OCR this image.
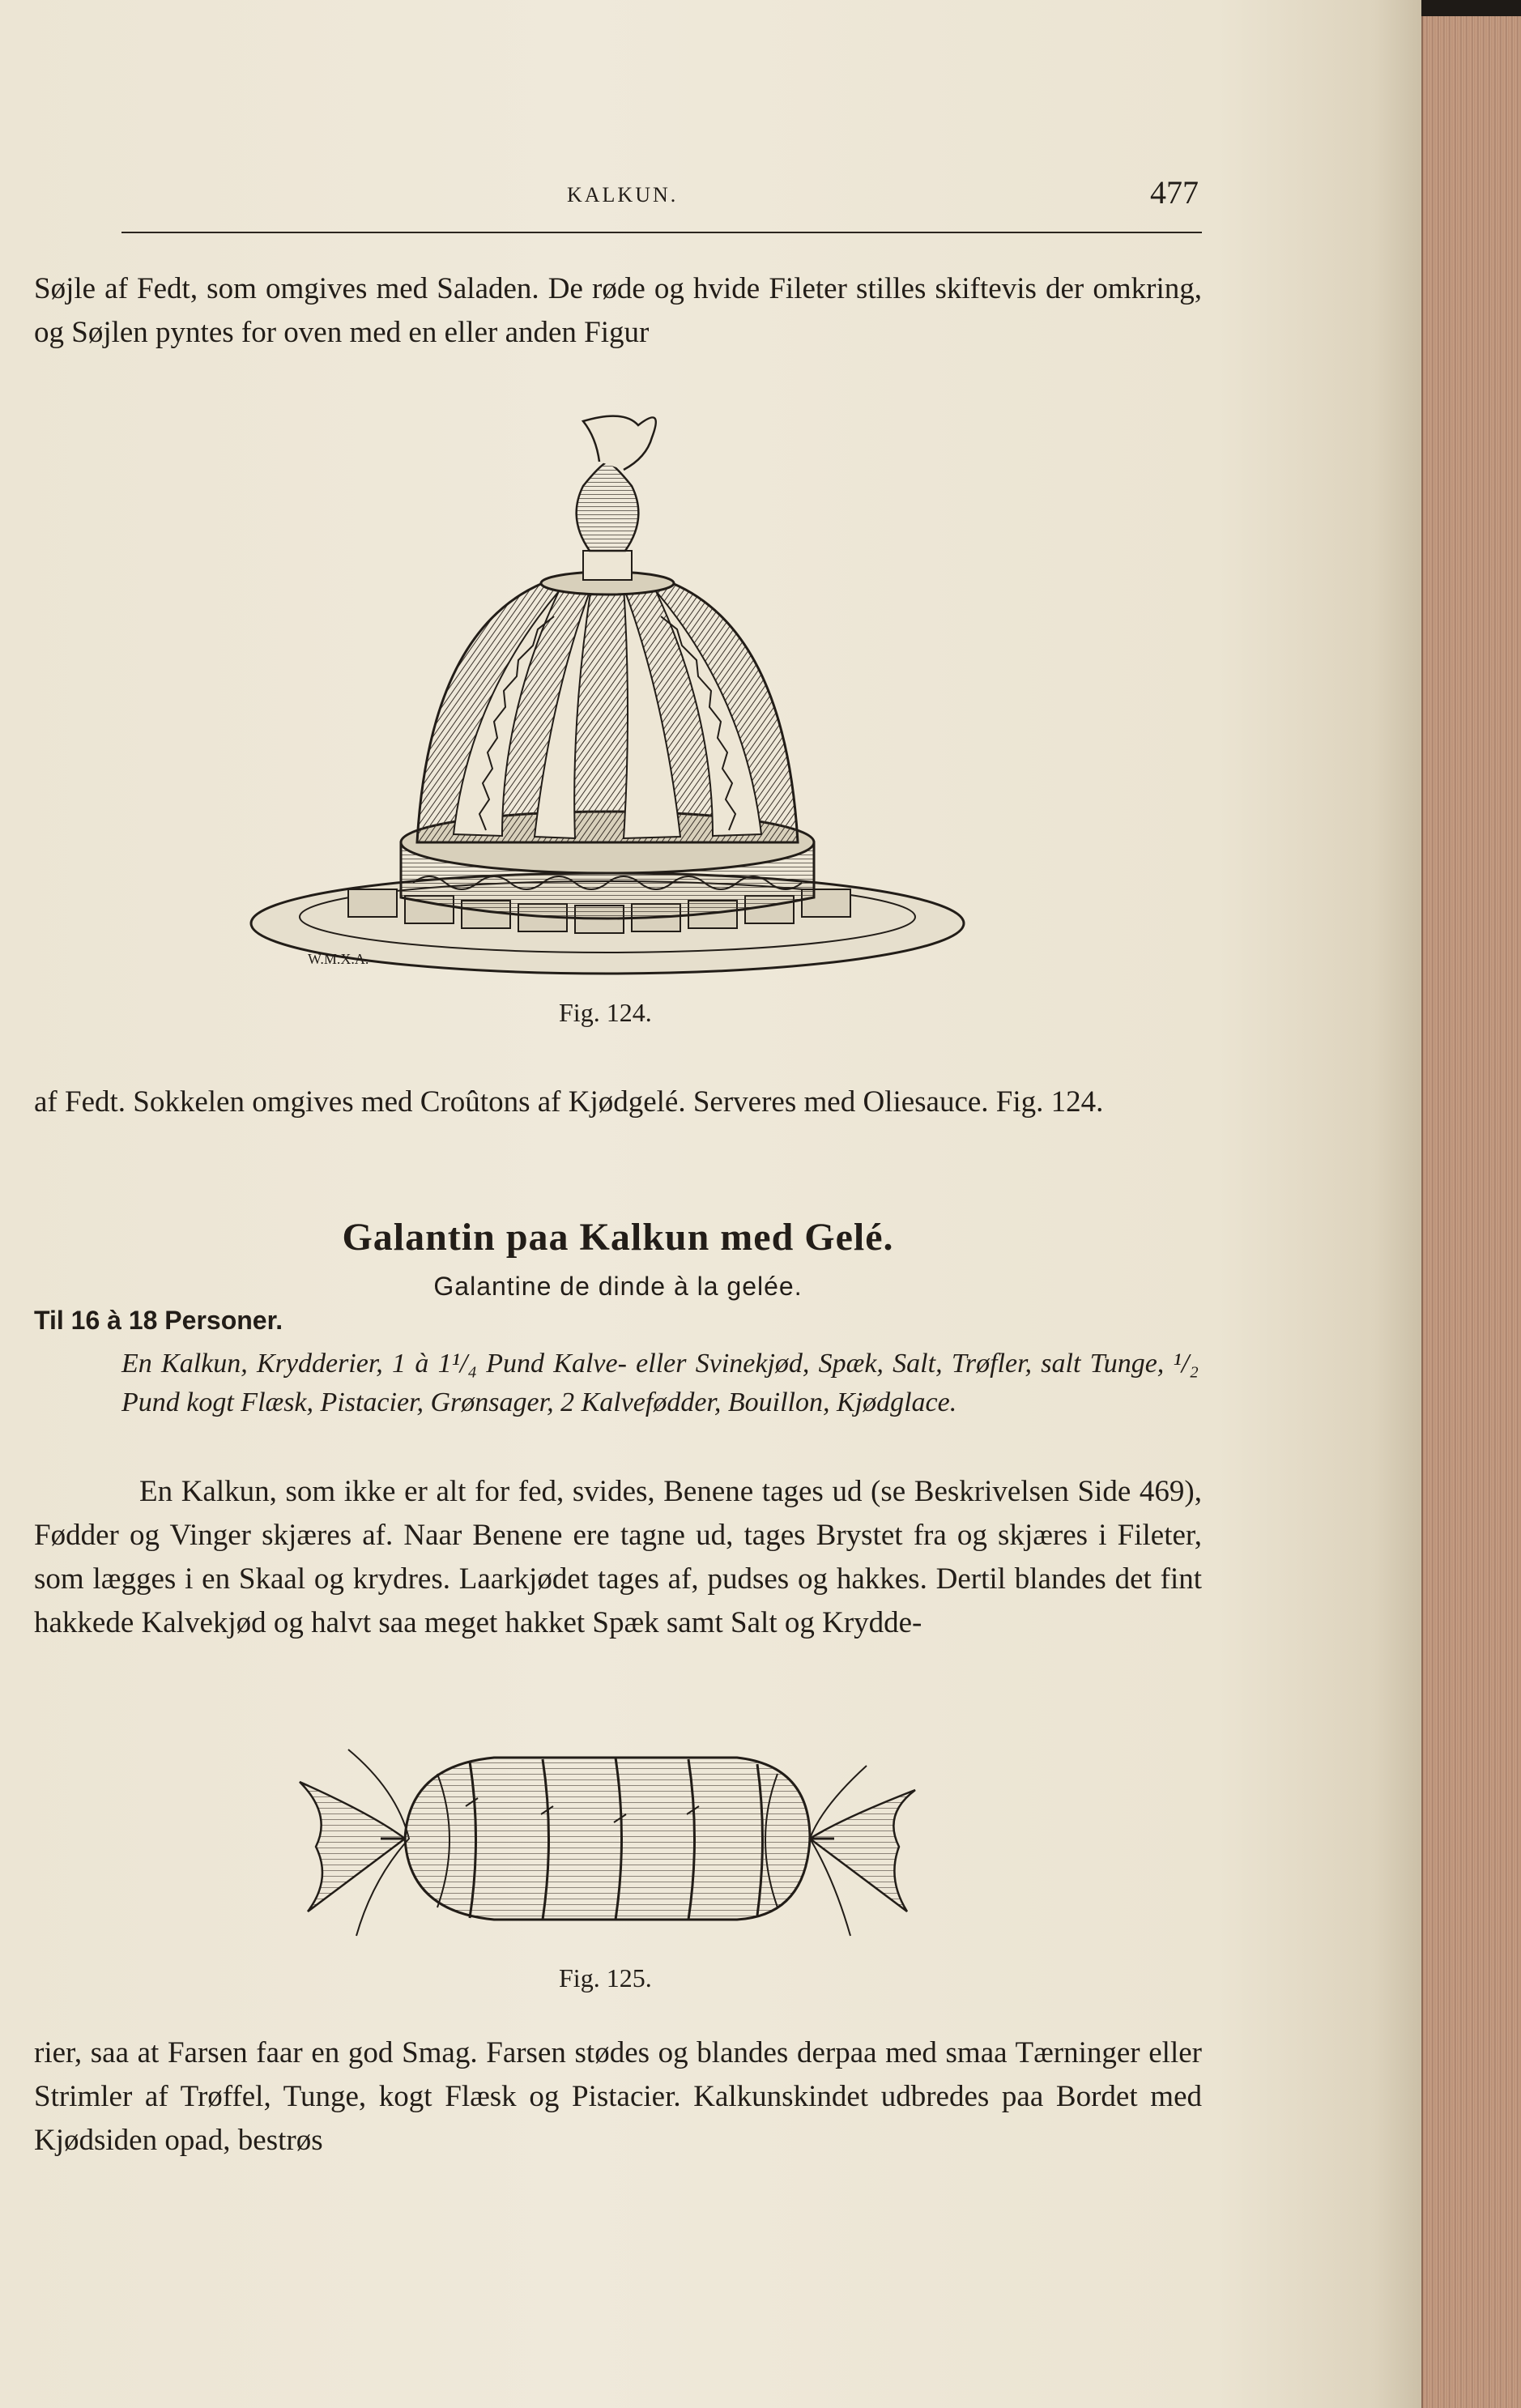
KALKUN.	477

Søjle af Fedt, som omgives med Saladen. De røde og hvide Fileter stilles skiftevis der omkring, og Søjlen pyntes for oven med en eller anden Figur

W.M.X.A.
Fig. 124.

af Fedt. Sokkelen omgives med Croûtons af Kjødgelé. Serveres med Oliesauce. Fig. 124.

Galantin paa Kalkun med Gelé.
Galantine de dinde à la gelée.
Til 16 à 18 Personer.
En Kalkun, Krydderier, 1 à 1¹/₄ Pund Kalve- eller Svinekjød, Spæk, Salt, Trøfler, salt Tunge, ¹/₂ Pund kogt Flæsk, Pistacier, Grønsager, 2 Kalvefødder, Bouillon, Kjødglace.

En Kalkun, som ikke er alt for fed, svides, Benene tages ud (se Beskrivelsen Side 469), Fødder og Vinger skjæres af. Naar Benene ere tagne ud, tages Brystet fra og skjæres i Fileter, som lægges i en Skaal og krydres. Laarkjødet tages af, pudses og hakkes. Dertil blandes det fint hakkede Kalvekjød og halvt saa meget hakket Spæk samt Salt og Krydde-

Fig. 125.

rier, saa at Farsen faar en god Smag. Farsen stødes og blandes derpaa med smaa Tærninger eller Strimler af Trøffel, Tunge, kogt Flæsk og Pistacier. Kalkunskindet udbredes paa Bordet med Kjødsiden opad, bestrøs
